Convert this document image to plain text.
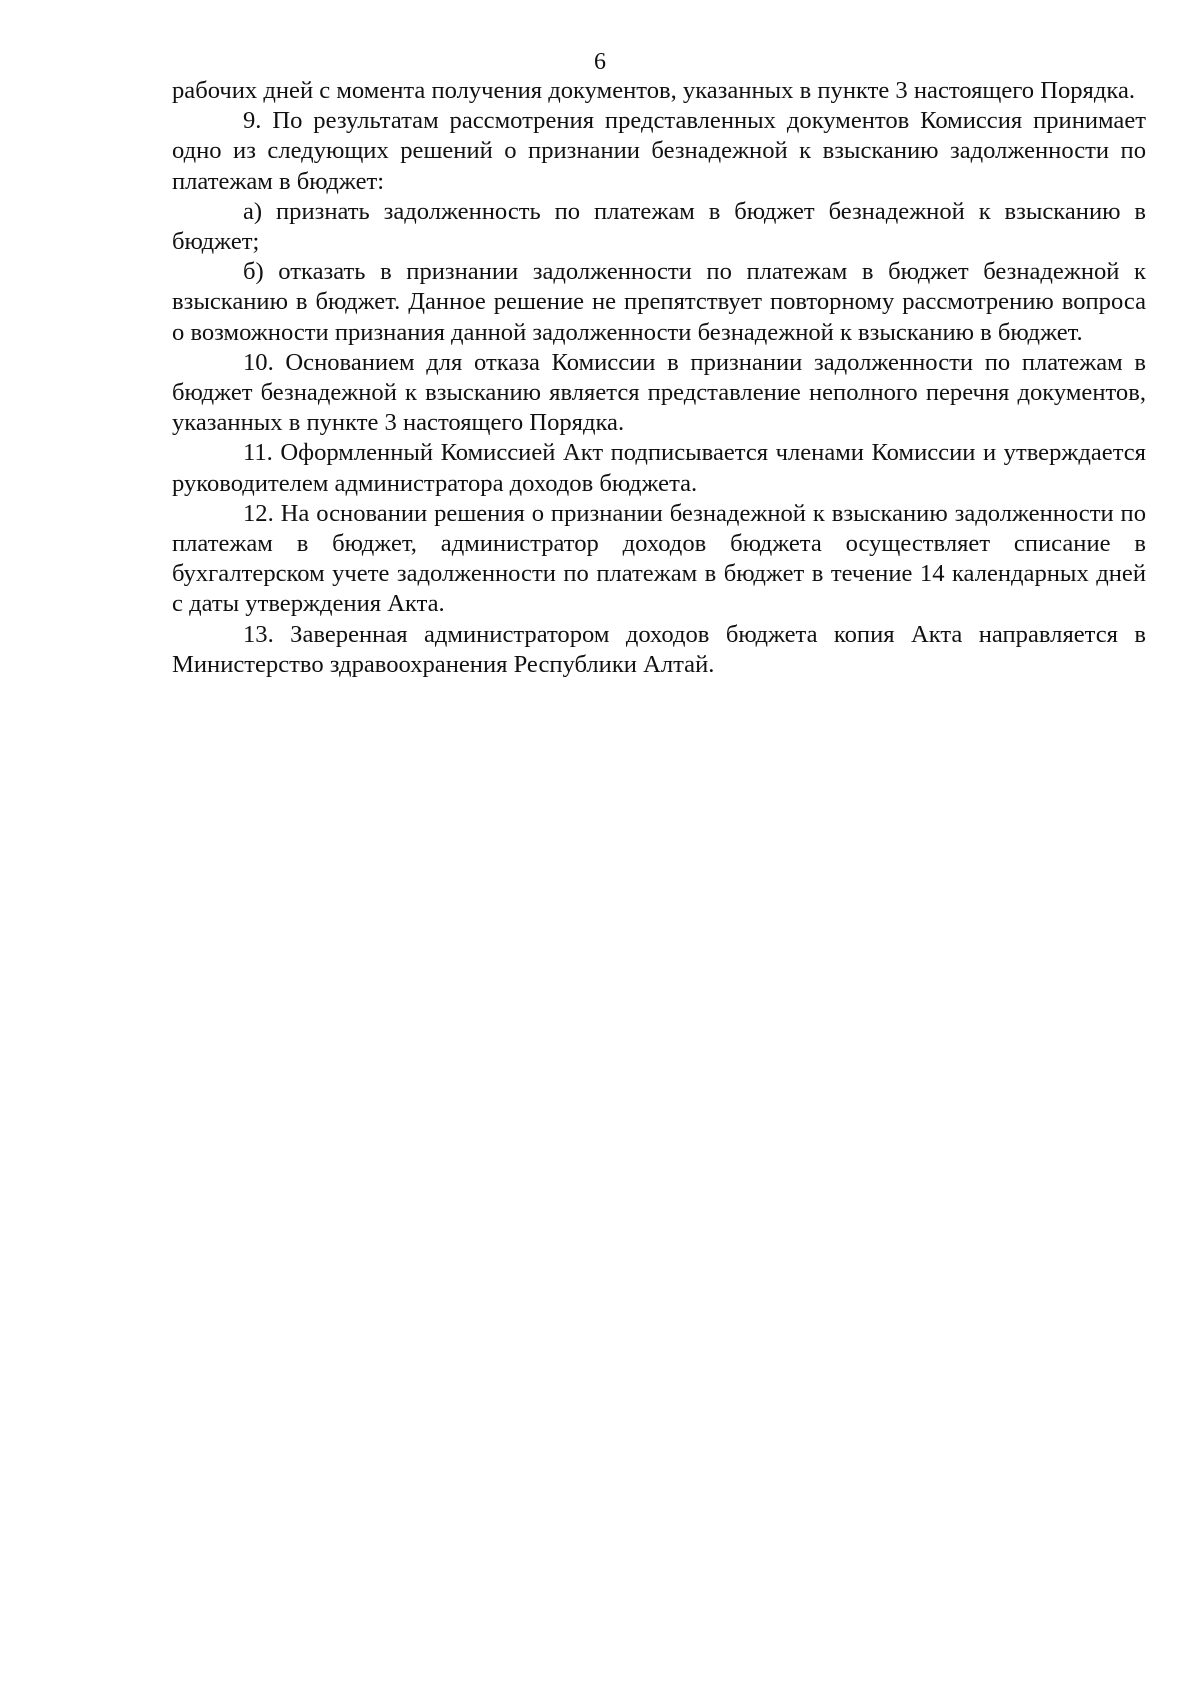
6

рабочих дней с момента получения документов, указанных в пункте 3 настоящего Порядка.

9. По результатам рассмотрения представленных документов Комиссия принимает одно из следующих решений о признании безнадежной к взысканию задолженности по платежам в бюджет:

а) признать задолженность по платежам в бюджет безнадежной к взысканию в бюджет;

б) отказать в признании задолженности по платежам в бюджет безнадежной к взысканию в бюджет. Данное решение не препятствует повторному рассмотрению вопроса о возможности признания данной задолженности безнадежной к взысканию в бюджет.

10. Основанием для отказа Комиссии в признании задолженности по платежам в бюджет безнадежной к взысканию является представление неполного перечня документов, указанных в пункте 3 настоящего Порядка.

11. Оформленный Комиссией Акт подписывается членами Комиссии и утверждается руководителем администратора доходов бюджета.

12. На основании решения о признании безнадежной к взысканию задолженности по платежам в бюджет, администратор доходов бюджета осуществляет списание в бухгалтерском учете задолженности по платежам в бюджет в течение 14 календарных дней с даты утверждения Акта.

13. Заверенная администратором доходов бюджета копия Акта направляется в Министерство здравоохранения Республики Алтай.
